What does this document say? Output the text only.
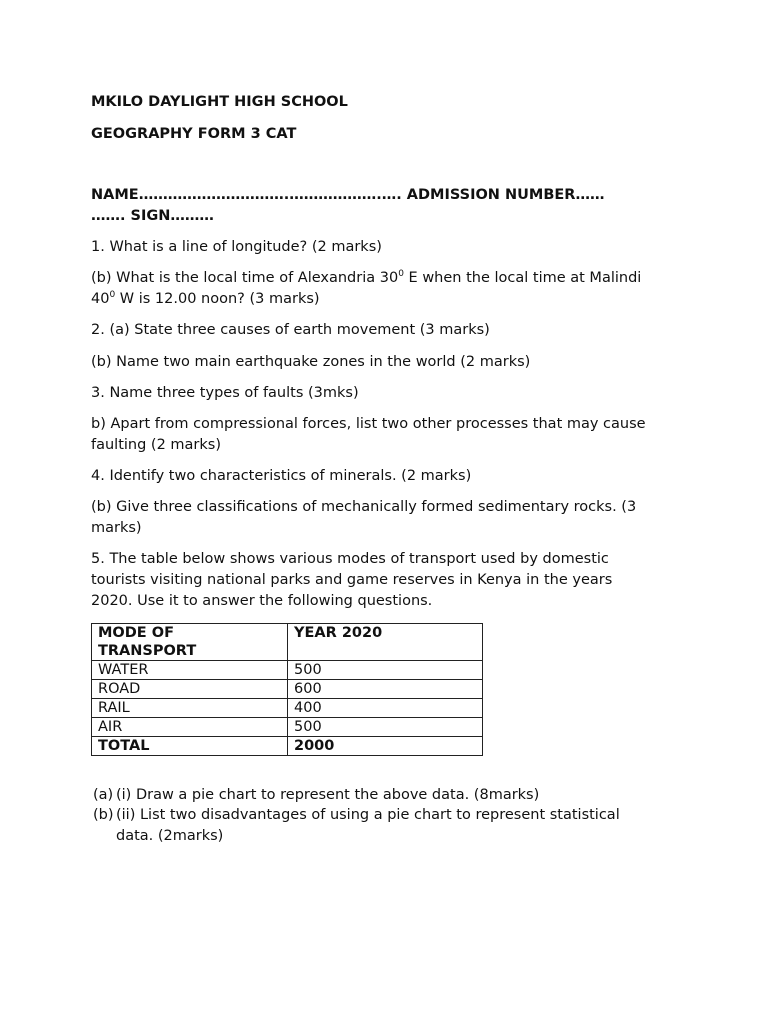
MKILO DAYLIGHT HIGH SCHOOL
GEOGRAPHY FORM 3 CAT
NAME………………………….……………….…. ADMISSION NUMBER……
……. SIGN………
1. What is a line of longitude? (2 marks)
(b) What is the local time of Alexandria $30^0$ E when the local time at Malindi
$40^0$ W is 12.00 noon? (3 marks)
2. (a) State three causes of earth movement (3 marks)
(b) Name two main earthquake zones in the world (2 marks)
3. Name three types of faults (3mks)
b) Apart from compressional forces, list two other processes that may cause
faulting (2 marks)
4. Identify two characteristics of minerals. (2 marks)
(b) Give three classifications of mechanically formed sedimentary rocks. (3
marks)
5. The table below shows various modes of transport used by domestic
tourists visiting national parks and game reserves in Kenya in the years
2020. Use it to answer the following questions.
MODE OF
TRANSPORT	YEAR 2020
WATER	500
ROAD	600
RAIL	400
AIR	500
TOTAL	2000
(a) (i) Draw a pie chart to represent the above data. (8marks)
(b) (ii) List two disadvantages of using a pie chart to represent statistical
data. (2marks)
